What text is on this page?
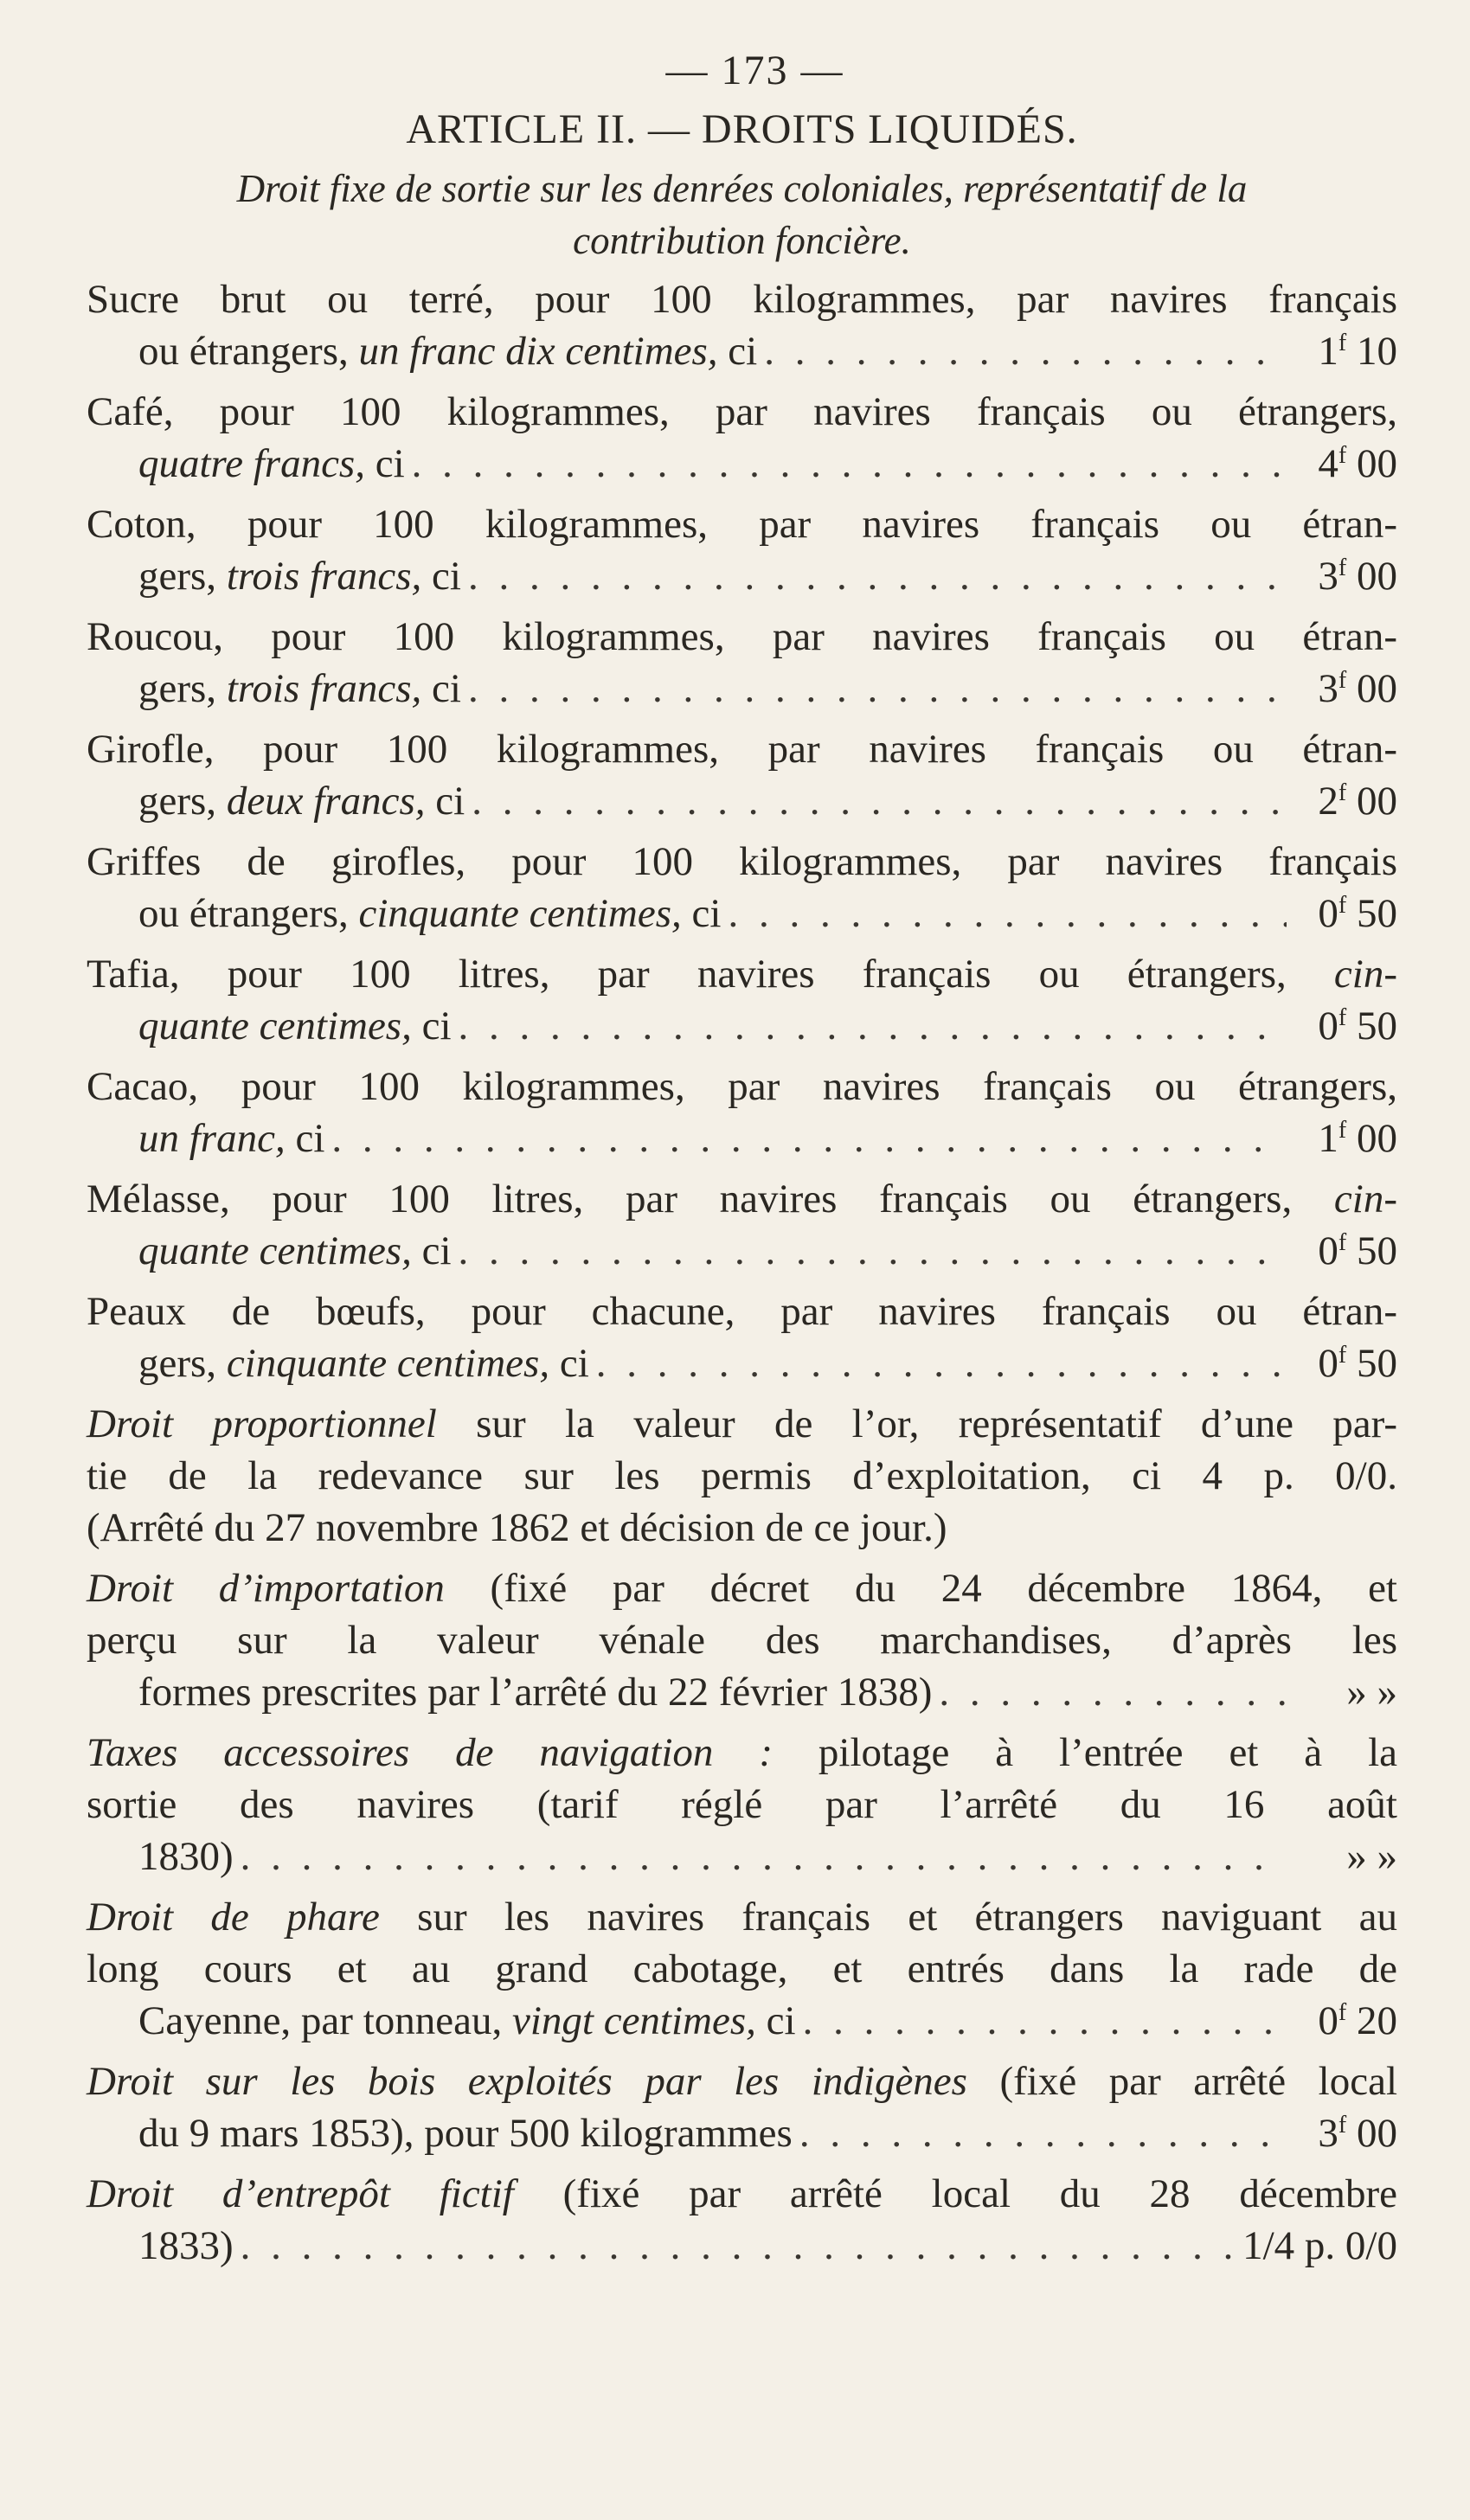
— 173 —
ARTICLE II. — DROITS LIQUIDÉS.
Droit fixe de sortie sur les denrées coloniales, représentatif de la
contribution foncière.
Sucre brut ou terré, pour 100 kilogrammes, par navires français
ou étrangers, un franc dix centimes, ci . . .	1$^f$ 10
Café, pour 100 kilogrammes, par navires français ou étrangers,
quatre francs, ci . . .	4$^f$ 00
Coton, pour 100 kilogrammes, par navires français ou étran-
gers, trois francs, ci . . .	3$^f$ 00
Roucou, pour 100 kilogrammes, par navires français ou étran-
gers, trois francs, ci . . .	3$^f$ 00
Girofle, pour 100 kilogrammes, par navires français ou étran-
gers, deux francs, ci . . .	2$^f$ 00
Griffes de girofles, pour 100 kilogrammes, par navires français
ou étrangers, cinquante centimes, ci . . .	0$^f$ 50
Tafia, pour 100 litres, par navires français ou étrangers, cin-
quante centimes, ci . . .	0$^f$ 50
Cacao, pour 100 kilogrammes, par navires français ou étrangers,
un franc, ci . . .	1$^f$ 00
Mélasse, pour 100 litres, par navires français ou étrangers, cin-
quante centimes, ci . . .	0$^f$ 50
Peaux de bœufs, pour chacune, par navires français ou étran-
gers, cinquante centimes, ci . . .	0$^f$ 50
Droit proportionnel sur la valeur de l’or, représentatif d’une par-
tie de la redevance sur les permis d’exploitation, ci 4 p. 0/0.
(Arrêté du 27 novembre 1862 et décision de ce jour.)
Droit d’importation (fixé par décret du 24 décembre 1864, et
perçu sur la valeur vénale des marchandises, d’après les
formes prescrites par l’arrêté du 22 février 1838) . . .	» »
Taxes accessoires de navigation : pilotage à l’entrée et à la
sortie des navires (tarif réglé par l’arrêté du 16 août
1830) . . .	» »
Droit de phare sur les navires français et étrangers naviguant au
long cours et au grand cabotage, et entrés dans la rade de
Cayenne, par tonneau, vingt centimes, ci . . .	0$^f$ 20
Droit sur les bois exploités par les indigènes (fixé par arrêté local
du 9 mars 1853), pour 500 kilogrammes . . .	3$^f$ 00
Droit d’entrepôt fictif (fixé par arrêté local du 28 décembre
1833) . . .	1/4 p. 0/0
